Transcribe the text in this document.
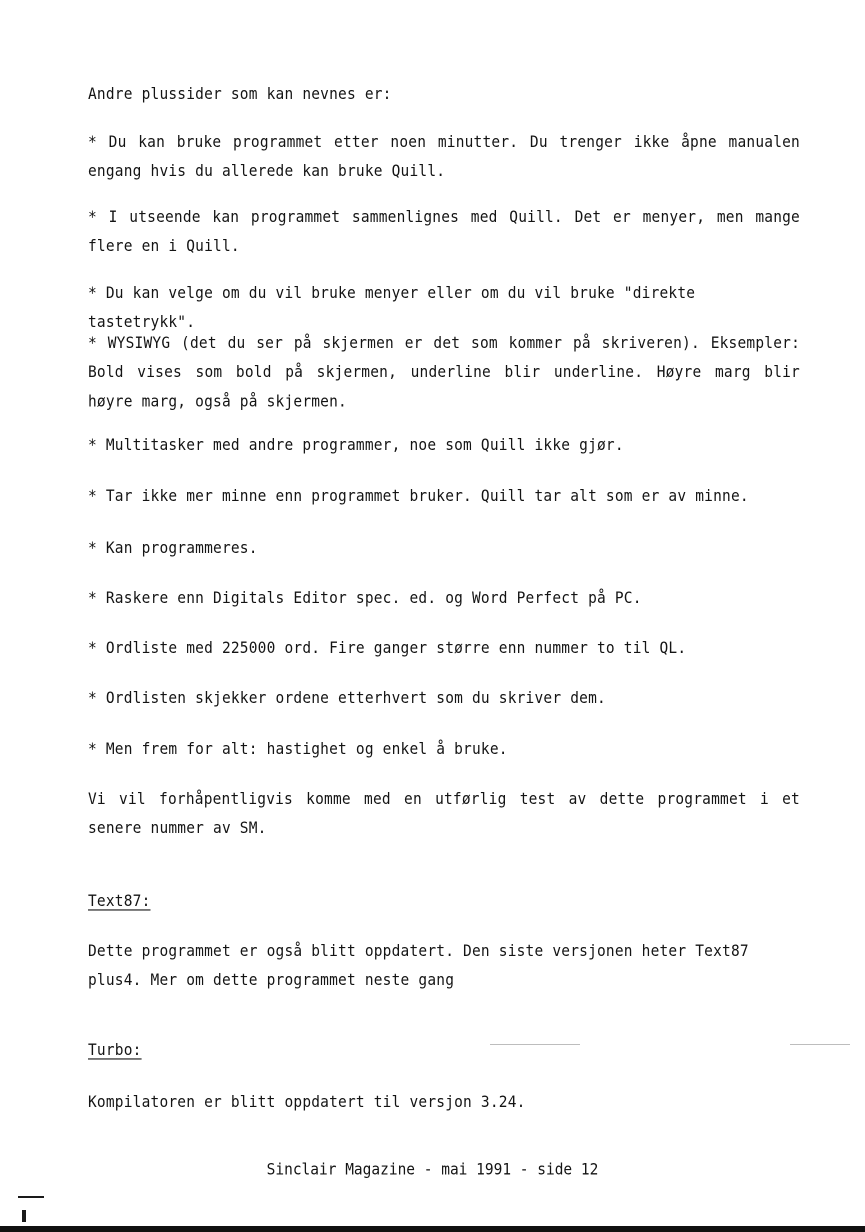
Andre plussider som kan nevnes er:
* Du kan bruke programmet etter noen minutter. Du trenger ikke åpne manualen engang hvis du allerede kan bruke Quill.
* I utseende kan programmet sammenlignes med Quill. Det er menyer, men mange flere en i Quill.
* Du kan velge om du vil bruke menyer eller om du vil bruke "direkte tastetrykk".
* WYSIWYG (det du ser på skjermen er det som kommer på skriveren). Eksempler: Bold vises som bold på skjermen, underline blir underline. Høyre marg blir høyre marg, også på skjermen.
* Multitasker med andre programmer, noe som Quill ikke gjør.
* Tar ikke mer minne enn programmet bruker. Quill tar alt som er av minne.
* Kan programmeres.
* Raskere enn Digitals Editor spec. ed. og Word Perfect på PC.
* Ordliste med 225000 ord. Fire ganger større enn nummer to til QL.
* Ordlisten skjekker ordene etterhvert som du skriver dem.
* Men frem for alt: hastighet og enkel å bruke.
Vi vil forhåpentligvis komme med en utførlig test av dette programmet i et senere nummer av SM.
Text87:
Dette programmet er også blitt oppdatert. Den siste versjonen heter Text87 plus4. Mer om dette programmet neste gang
Turbo:
Kompilatoren er blitt oppdatert til versjon 3.24.
Sinclair Magazine - mai 1991 - side 12
